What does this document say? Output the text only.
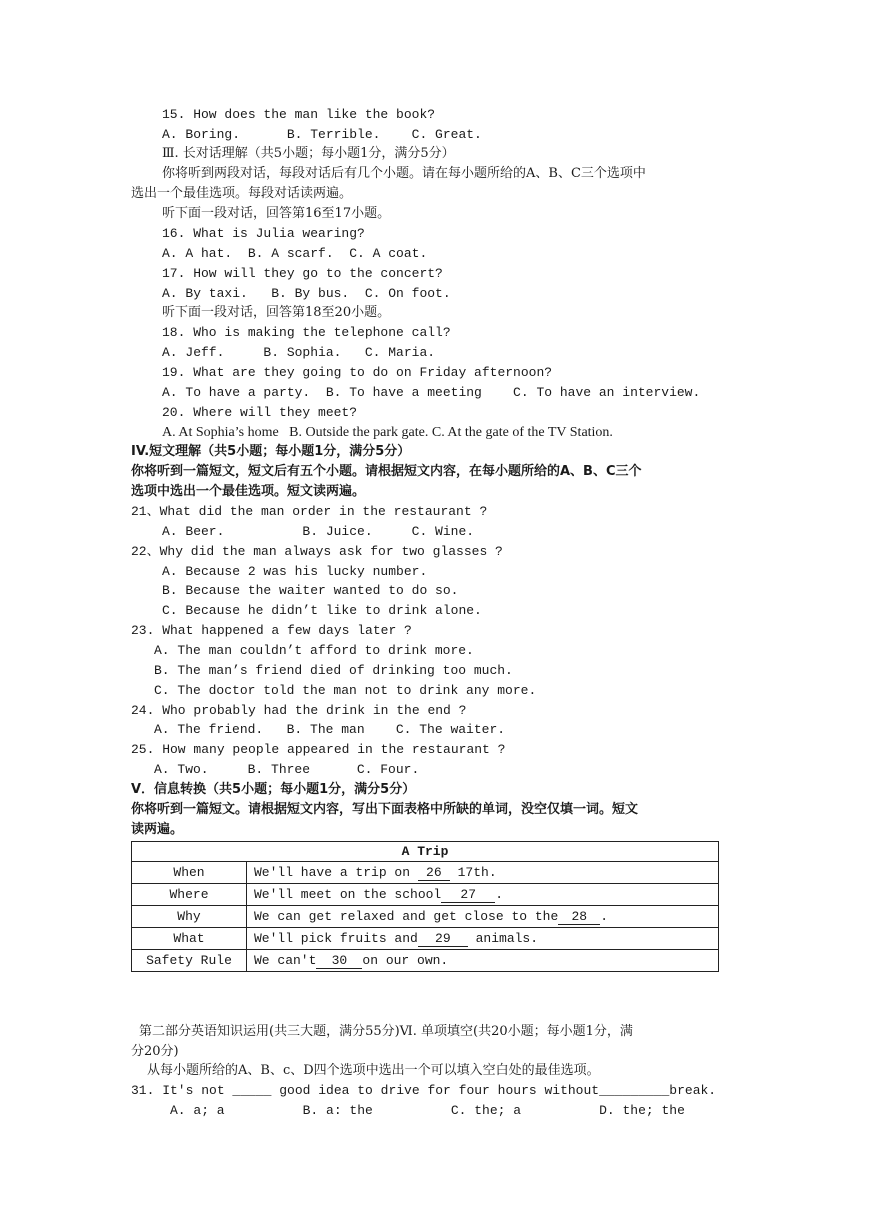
15. How does the man like the book?
A. Boring.      B. Terrible.    C. Great.
Ⅲ. 长对话理解（共5小题；每小题1分，满分5分）
你将听到两段对话，每段对话后有几个小题。请在每小题所给的A、B、C三个选项中
选出一个最佳选项。每段对话读两遍。
听下面一段对话，回答第16至17小题。
16. What is Julia wearing?
A. A hat.  B. A scarf.  C. A coat.
17. How will they go to the concert?
A. By taxi.   B. By bus.  C. On foot.
听下面一段对话，回答第18至20小题。
18. Who is making the telephone call?
A. Jeff.     B. Sophia.   C. Maria.
19. What are they going to do on Friday afternoon?
A. To have a party.  B. To have a meeting    C. To have an interview.
20. Where will they meet?
A. At Sophia’s home   B. Outside the park gate. C. At the gate of the TV Station.
IV.短文理解（共5小题；每小题1分，满分5分）
你将听到一篇短文，短文后有五个小题。请根据短文内容，在每小题所给的A、B、C三个
选项中选出一个最佳选项。短文读两遍。
21、What did the man order in the restaurant ?
A. Beer.          B. Juice.     C. Wine.
22、Why did the man always ask for two glasses ?
A. Because 2 was his lucky number.
B. Because the waiter wanted to do so.
C. Because he didn’t like to drink alone.
23. What happened a few days later ?
A. The man couldn’t afford to drink more.
B. The man’s friend died of drinking too much.
C. The doctor told the man not to drink any more.
24. Who probably had the drink in the end ?
A. The friend.   B. The man    C. The waiter.
25. How many people appeared in the restaurant ?
A. Two.     B. Three      C. Four.
V．信息转换（共5小题；每小题1分，满分5分）
你将听到一篇短文。请根据短文内容，写出下面表格中所缺的单词，没空仅填一词。短文
读两遍。
A Trip	
When	We'll have a trip on 26 17th.
Where	We'll meet on the school 27 .
Why	We can get relaxed and get close to the 28 .
What	We'll pick fruits and 29 animals.
Safety Rule	We can't 30 on our own.
第二部分英语知识运用(共三大题，满分55分)Ⅵ. 单项填空(共20小题；每小题1分，满
分20分)
从每小题所给的A、B、c、D四个选项中选出一个可以填入空白处的最佳选项。
31. It's not _____ good idea to drive for four hours without_________break.
A. a; a          B. a: the          C. the; a          D. the; the
